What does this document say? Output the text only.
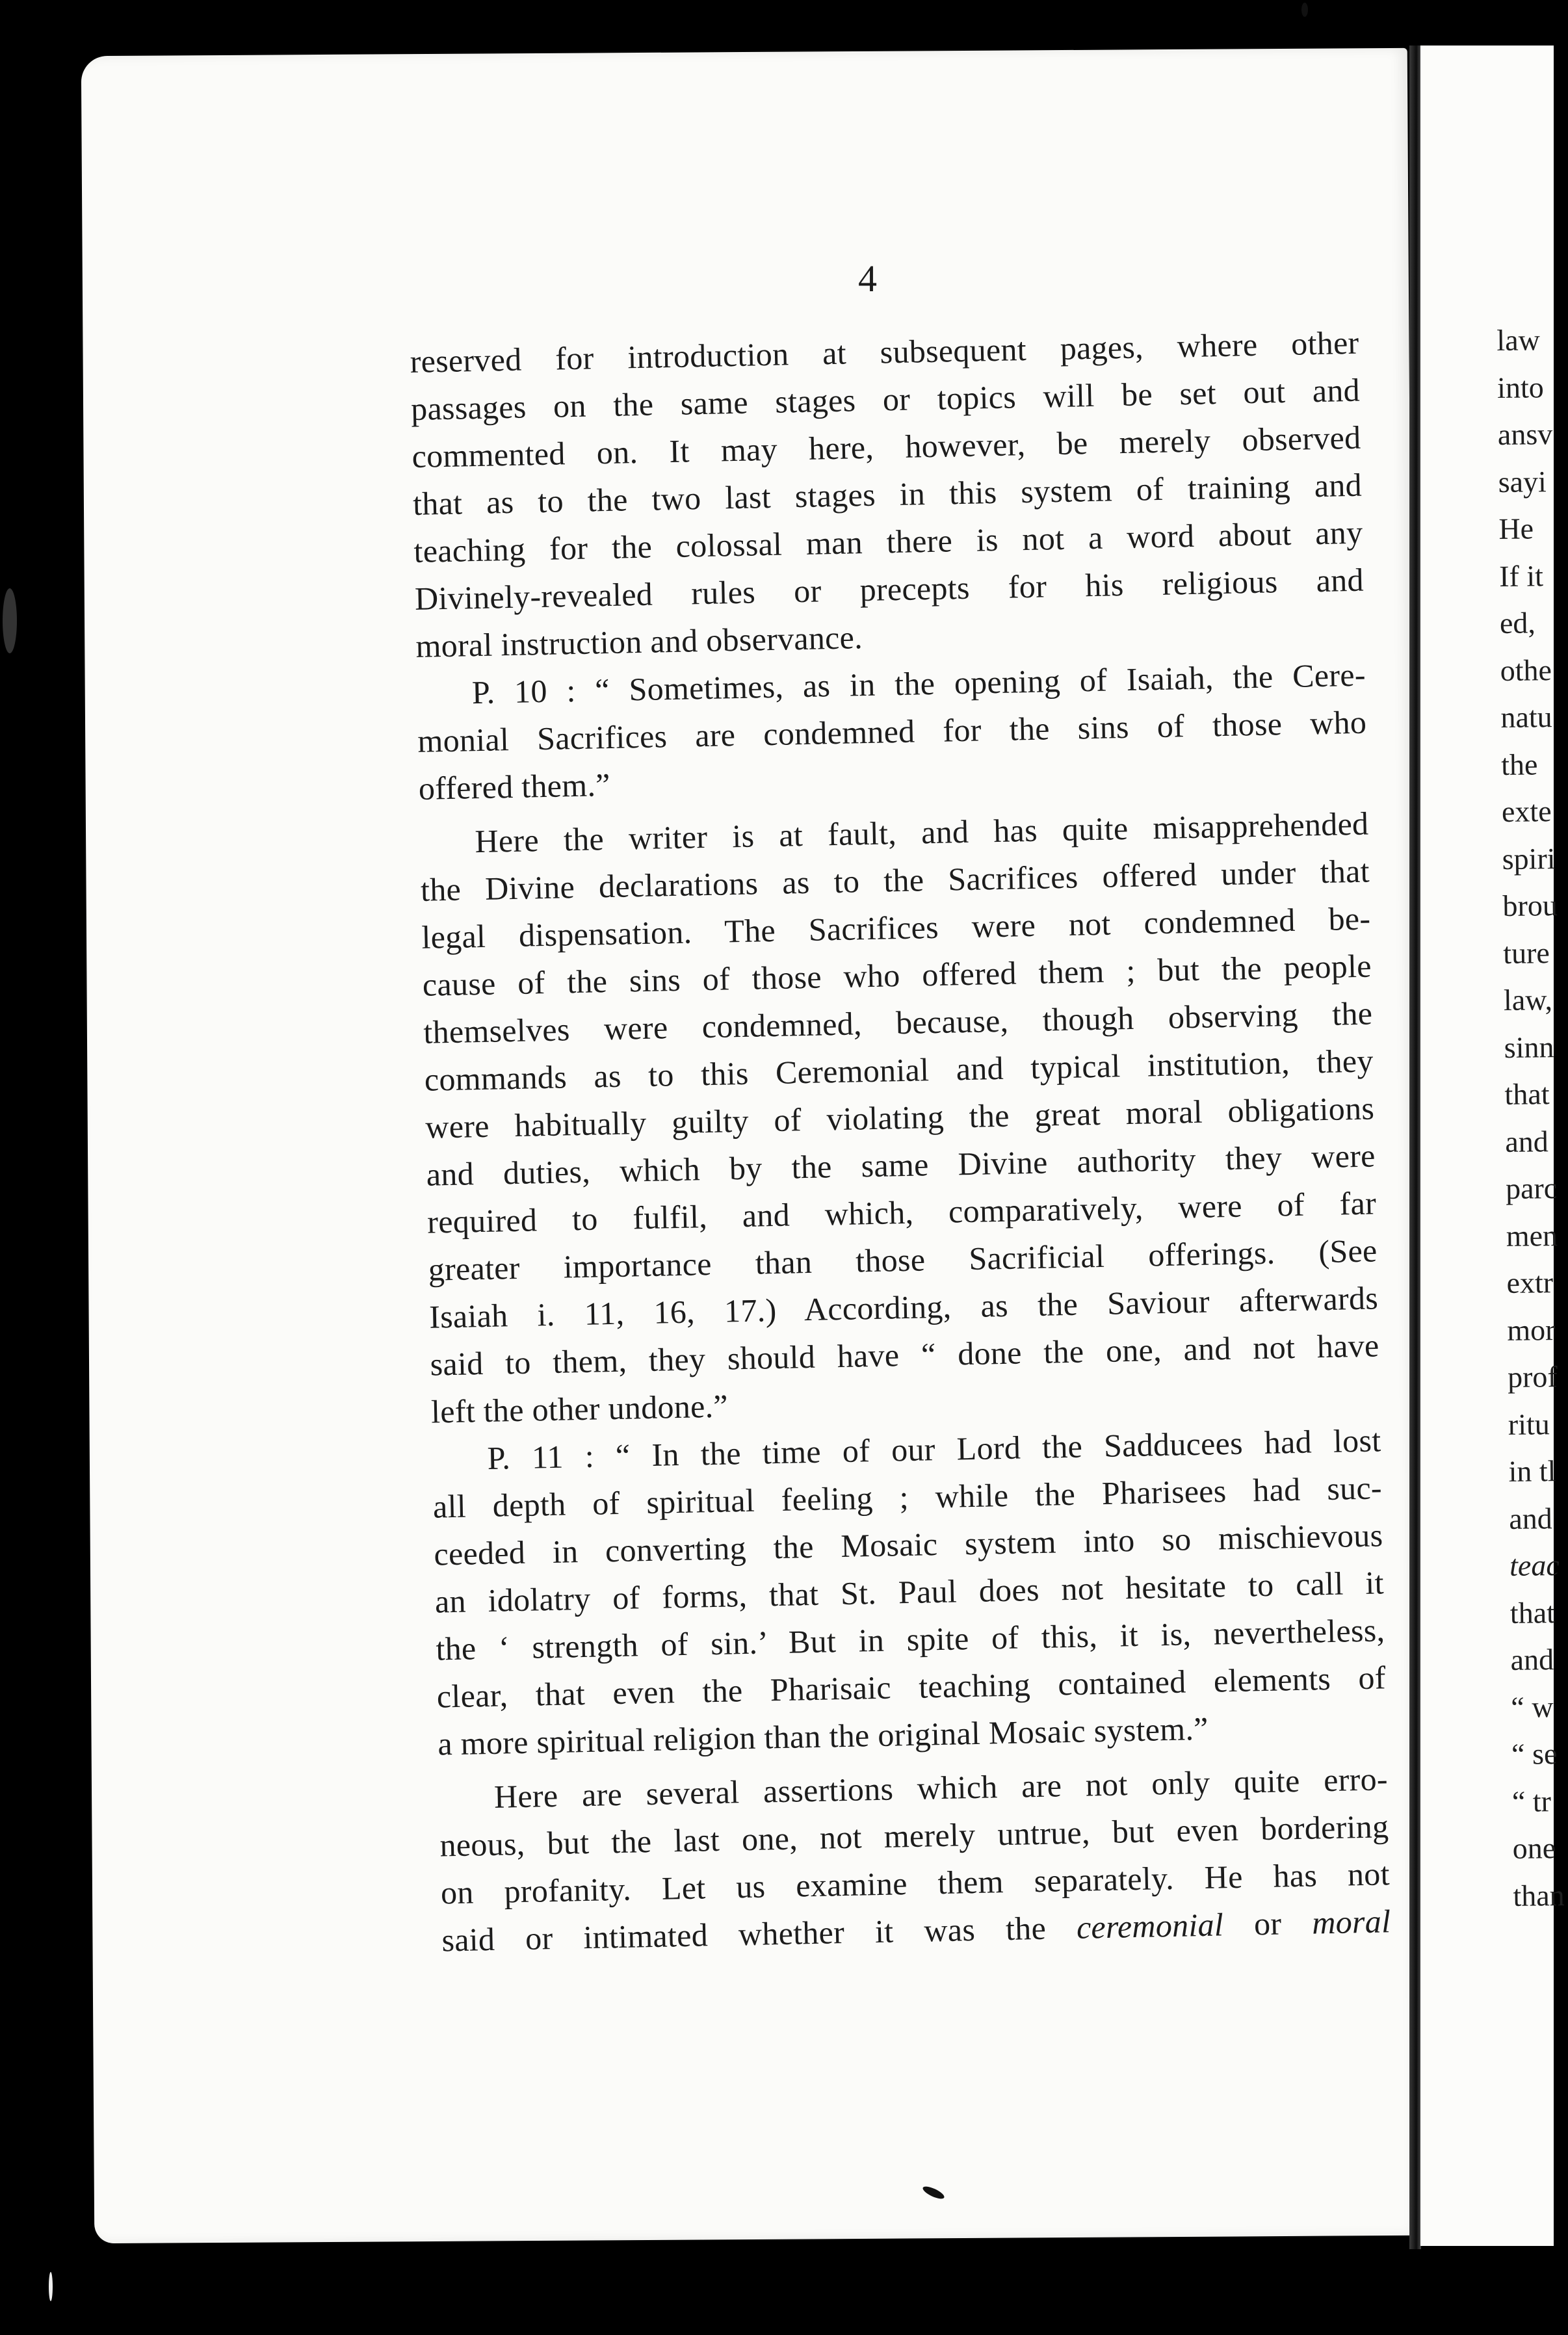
4
reserved for introduction at subsequent pages, where other
passages on the same stages or topics will be set out and
commented on. It may here, however, be merely observed
that as to the two last stages in this system of training and
teaching for the colossal man there is not a word about any
Divinely-revealed rules or precepts for his religious and
moral instruction and observance.
P. 10 : “ Sometimes, as in the opening of Isaiah, the Cere-
monial Sacrifices are condemned for the sins of those who
offered them.”
Here the writer is at fault, and has quite misapprehended
the Divine declarations as to the Sacrifices offered under that
legal dispensation. The Sacrifices were not condemned be-
cause of the sins of those who offered them ; but the people
themselves were condemned, because, though observing the
commands as to this Ceremonial and typical institution, they
were habitually guilty of violating the great moral obligations
and duties, which by the same Divine authority they were
required to fulfil, and which, comparatively, were of far
greater importance than those Sacrificial offerings. (See
Isaiah i. 11, 16, 17.) According, as the Saviour afterwards
said to them, they should have “ done the one, and not have
left the other undone.”
P. 11 : “ In the time of our Lord the Sadducees had lost
all depth of spiritual feeling ; while the Pharisees had suc-
ceeded in converting the Mosaic system into so mischievous
an idolatry of forms, that St. Paul does not hesitate to call it
the ‘ strength of sin.’ But in spite of this, it is, nevertheless,
clear, that even the Pharisaic teaching contained elements of
a more spiritual religion than the original Mosaic system.”
Here are several assertions which are not only quite erro-
neous, but the last one, not merely untrue, but even bordering
on profanity. Let us examine them separately. He has not
said or intimated whether it was the ceremonial or moral
law
into
ansv
sayi
He
If it
ed,
othe
natu
the
exte
spiri
brou
ture
law,
sinn
that
and
parc
men
extr
mor
prof
ritu
in tl
and
teac
that
and
“ w
“ se
“ tr
one
than
